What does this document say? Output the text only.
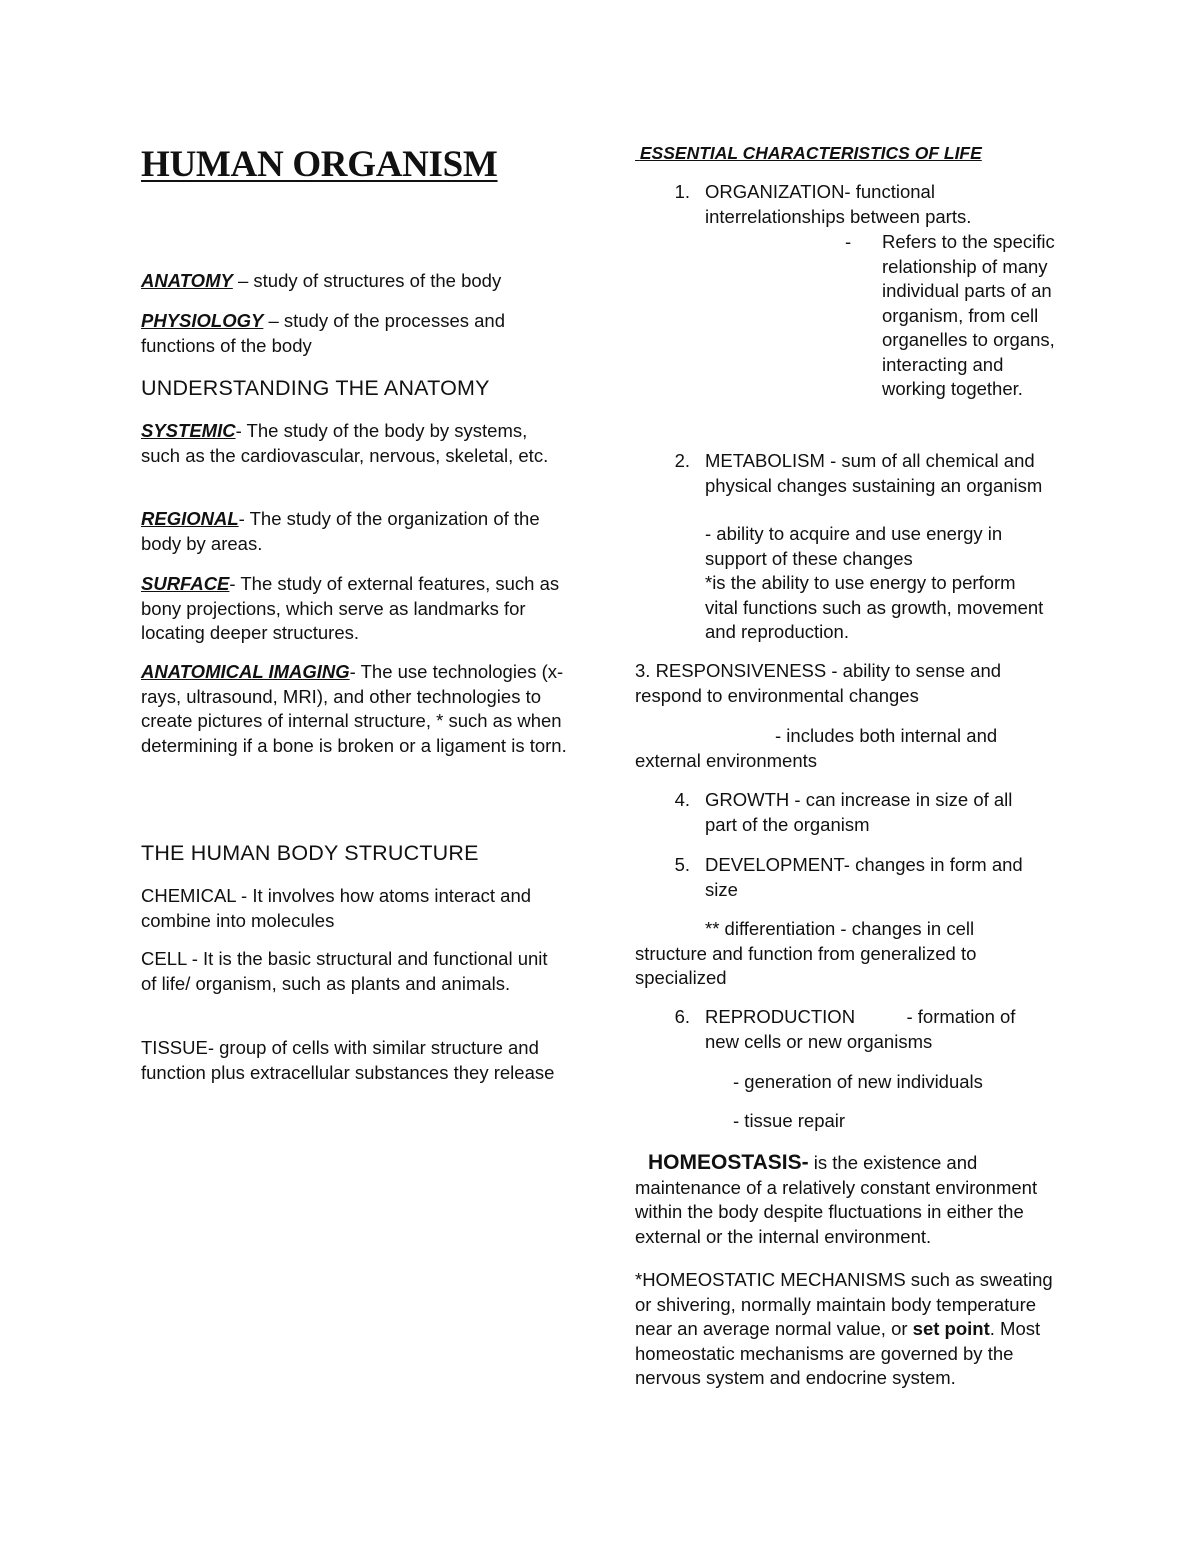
HUMAN ORGANISM

ANATOMY – study of structures of the body

PHYSIOLOGY – study of the processes and functions of the body

UNDERSTANDING THE ANATOMY

SYSTEMIC- The study of the body by systems, such as the cardiovascular, nervous, skeletal, etc.

REGIONAL- The study of the organization of the body by areas.

SURFACE- The study of external features, such as bony projections, which serve as landmarks for locating deeper structures.

ANATOMICAL IMAGING- The use technologies (x-rays, ultrasound, MRI), and other technologies to create pictures of internal structure, * such as when determining if a bone is broken or a ligament is torn.

THE HUMAN BODY STRUCTURE

CHEMICAL - It involves how atoms interact and combine into molecules

CELL - It is the basic structural and functional unit of life/ organism, such as plants and animals.

TISSUE- group of cells with similar structure and function plus extracellular substances they release

ESSENTIAL CHARACTERISTICS OF LIFE
1. ORGANIZATION- functional interrelationships between parts.
- Refers to the specific relationship of many individual parts of an organism, from cell organelles to organs, interacting and working together.
2. METABOLISM - sum of all chemical and physical changes sustaining an organism
- ability to acquire and use energy in support of these changes
*is the ability to use energy to perform vital functions such as growth, movement and reproduction.

3. RESPONSIVENESS - ability to sense and respond to environmental changes

- includes both internal and
external environments
4. GROWTH - can increase in size of all part of the organism
5. DEVELOPMENT- changes in form and size
** differentiation - changes in cell
structure and function from generalized to specialized
6. REPRODUCTION          - formation of new cells or new organisms

- generation of new individuals

- tissue repair

HOMEOSTASIS- is the existence and
maintenance of a relatively constant environment within the body despite fluctuations in either the external or the internal environment.

*HOMEOSTATIC MECHANISMS such as sweating or shivering, normally maintain body temperature near an average normal value, or set point. Most homeostatic mechanisms are governed by the nervous system and endocrine system.
